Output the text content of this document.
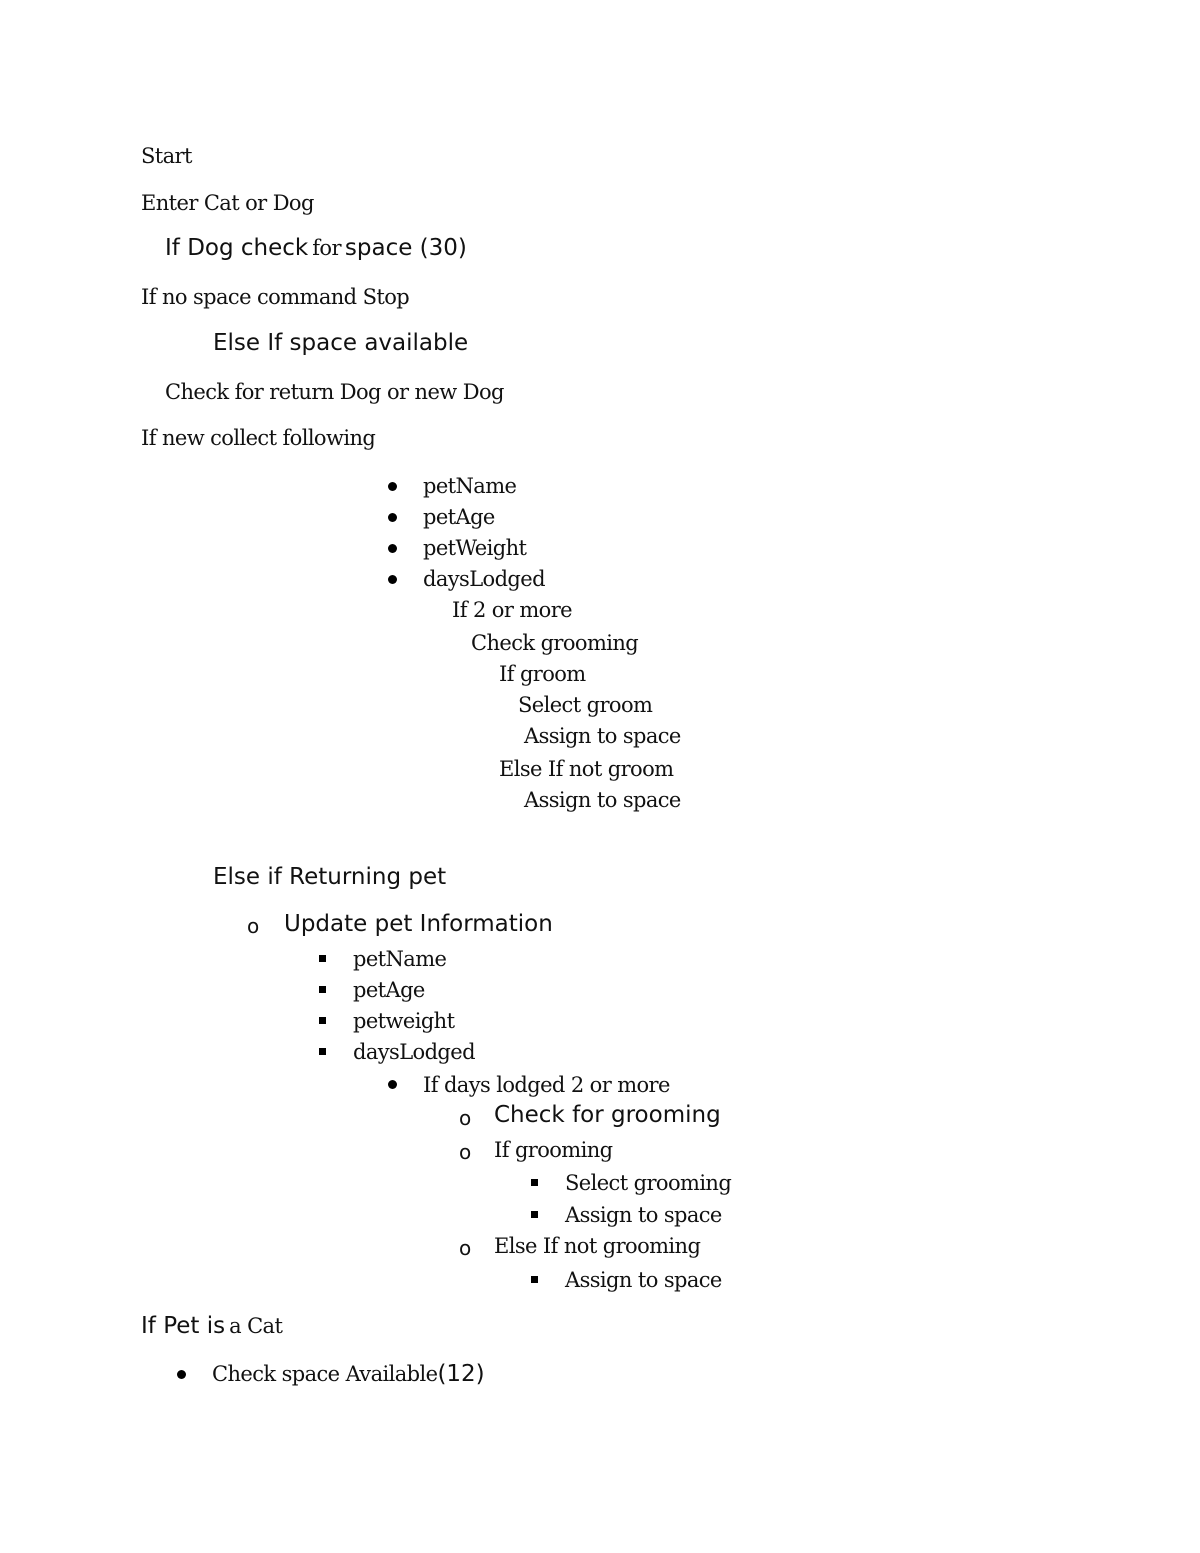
Start
Enter Cat or Dog
If Dog check for space (30)
If no space command Stop
Else If space available
Check for return Dog or new Dog
If new collect following
petName
petAge
petWeight
daysLodged
If 2 or more
Check grooming
If groom
Select groom
Assign to space
Else If not groom
Assign to space
Else if Returning pet
o Update pet Information
petName
petAge
petweight
daysLodged
If days lodged 2 or more
o Check for grooming
o If grooming
Select grooming
Assign to space
o Else If not grooming
Assign to space
If Pet is a Cat
Check space Available(12)
